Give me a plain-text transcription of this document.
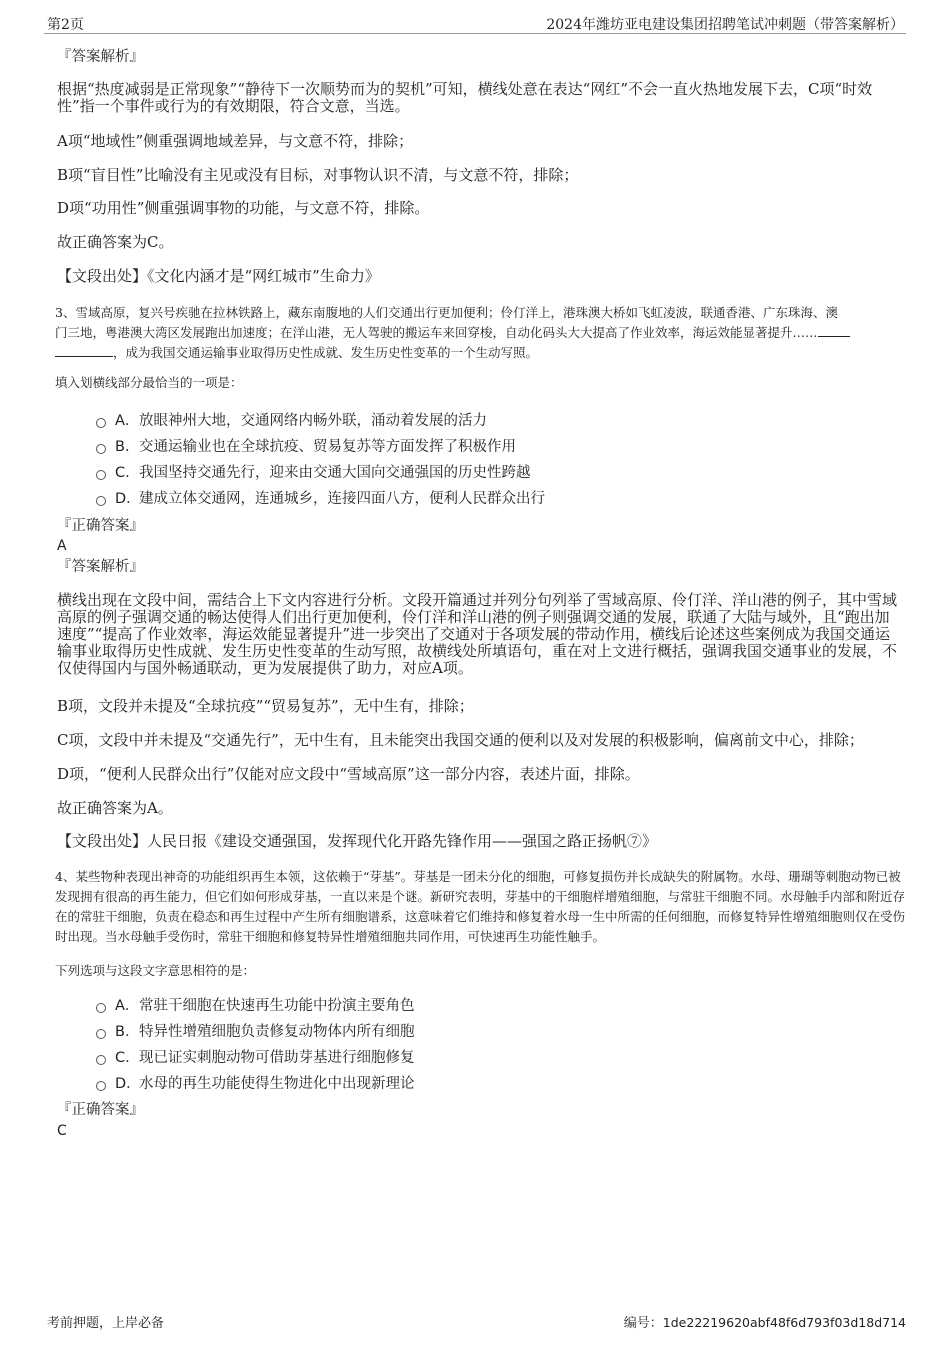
第2页	2024年潍坊亚电建设集团招聘笔试冲刺题（带答案解析）

『答案解析』

根据“热度减弱是正常现象”“静待下一次顺势而为的契机”可知，横线处意在表达“网红”不会一直火热地发展下去，C项“时效性”指一个事件或行为的有效期限，符合文意，当选。

A项“地域性”侧重强调地域差异，与文意不符，排除；

B项“盲目性”比喻没有主见或没有目标，对事物认识不清，与文意不符，排除；

D项“功用性”侧重强调事物的功能，与文意不符，排除。

故正确答案为C。

【文段出处】《文化内涵才是“网红城市”生命力》

3、雪域高原，复兴号疾驰在拉林铁路上，藏东南腹地的人们交通出行更加便利；伶仃洋上，港珠澳大桥如飞虹凌波，联通香港、广东珠海、澳
门三地，粤港澳大湾区发展跑出加速度；在洋山港，无人驾驶的搬运车来回穿梭，自动化码头大大提高了作业效率，海运效能显著提升……
，成为我国交通运输事业取得历史性成就、发生历史性变革的一个生动写照。

填入划横线部分最恰当的一项是：

A． 放眼神州大地，交通网络内畅外联，涌动着发展的活力
B． 交通运输业也在全球抗疫、贸易复苏等方面发挥了积极作用
C． 我国坚持交通先行，迎来由交通大国向交通强国的历史性跨越
D．
建成立体交通网，连通城乡，连接四面八方，便利人民群众出行

『正确答案』

A

『答案解析』

横线出现在文段中间，需结合上下文内容进行分析。文段开篇通过并列分句列举了雪域高原、伶仃洋、洋山港的例子，其中雪域高原的例子强调交通的畅达使得人们出行更加便利，伶仃洋和洋山港的例子则强调交通的发展，联通了大陆与域外，且“跑出加速度”“提高了作业效率，海运效能显著提升”进一步突出了交通对于各项发展的带动作用，横线后论述这些案例成为我国交通运输事业取得历史性成就、发生历史性变革的生动写照，故横线处所填语句，重在对上文进行概括，强调我国交通事业的发展，不仅使得国内与国外畅通联动，更为发展提供了助力，对应A项。

B项，文段并未提及“全球抗疫”“贸易复苏”，无中生有，排除；

C项，文段中并未提及“交通先行”，无中生有，且未能突出我国交通的便利以及对发展的积极影响，偏离前文中心，排除；

D项，“便利人民群众出行”仅能对应文段中“雪域高原”这一部分内容，表述片面，排除。

故正确答案为A。

【文段出处】人民日报《建设交通强国，发挥现代化开路先锋作用——强国之路正扬帆⑦》

4、某些物种表现出神奇的功能组织再生本领，这依赖于“芽基”。芽基是一团未分化的细胞，可修复损伤并长成缺失的附属物。水母、珊瑚等刺胞动物已被发现拥有很高的再生能力，但它们如何形成芽基，一直以来是个谜。新研究表明，芽基中的干细胞样增殖细胞，与常驻干细胞不同。水母触手内部和附近存在的常驻干细胞，负责在稳态和再生过程中产生所有细胞谱系，这意味着它们维持和修复着水母一生中所需的任何细胞，而修复特异性增殖细胞则仅在受伤时出现。当水母触手受伤时，常驻干细胞和修复特异性增殖细胞共同作用，可快速再生功能性触手。

下列选项与这段文字意思相符的是：

A． 常驻干细胞在快速再生功能中扮演主要角色
B． 特异性增殖细胞负责修复动物体内所有细胞
C． 现已证实刺胞动物可借助芽基进行细胞修复
D．
水母的再生功能使得生物进化中出现新理论

『正确答案』

C

考前押题，上岸必备	编号：1de22219620abf48f6d793f03d18d714
